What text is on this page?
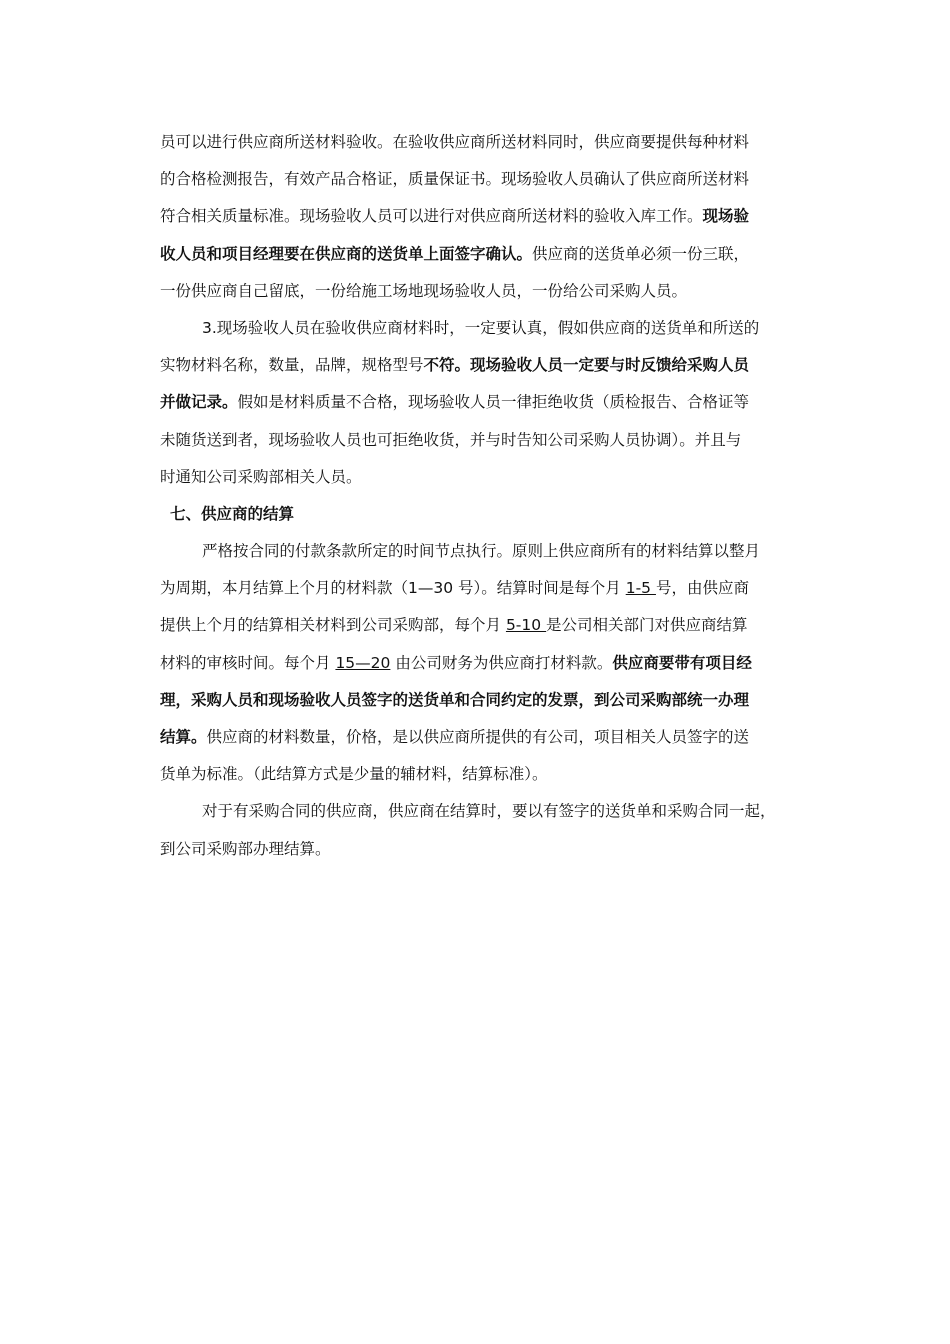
员可以进行供应商所送材料验收。在验收供应商所送材料同时，供应商要提供每种材料
的合格检测报告，有效产品合格证，质量保证书。现场验收人员确认了供应商所送材料
符合相关质量标准。现场验收人员可以进行对供应商所送材料的验收入库工作。现场验
收人员和项目经理要在供应商的送货单上面签字确认。供应商的送货单必须一份三联，
一份供应商自己留底，一份给施工场地现场验收人员，一份给公司采购人员。
3.现场验收人员在验收供应商材料时，一定要认真，假如供应商的送货单和所送的
实物材料名称，数量，品牌，规格型号不符。现场验收人员一定要与时反馈给采购人员
并做记录。假如是材料质量不合格，现场验收人员一律拒绝收货（质检报告、合格证等
未随货送到者，现场验收人员也可拒绝收货，并与时告知公司采购人员协调）。并且与
时通知公司采购部相关人员。
七、供应商的结算
严格按合同的付款条款所定的时间节点执行。原则上供应商所有的材料结算以整月
为周期，本月结算上个月的材料款（1—30 号）。结算时间是每个月 1-5 号，由供应商
提供上个月的结算相关材料到公司采购部，每个月 5-10 是公司相关部门对供应商结算
材料的审核时间。每个月 15—20 由公司财务为供应商打材料款。供应商要带有项目经
理，采购人员和现场验收人员签字的送货单和合同约定的发票，到公司采购部统一办理
结算。供应商的材料数量，价格，是以供应商所提供的有公司，项目相关人员签字的送
货单为标准。（此结算方式是少量的辅材料，结算标准）。
对于有采购合同的供应商，供应商在结算时，要以有签字的送货单和采购合同一起，
到公司采购部办理结算。
